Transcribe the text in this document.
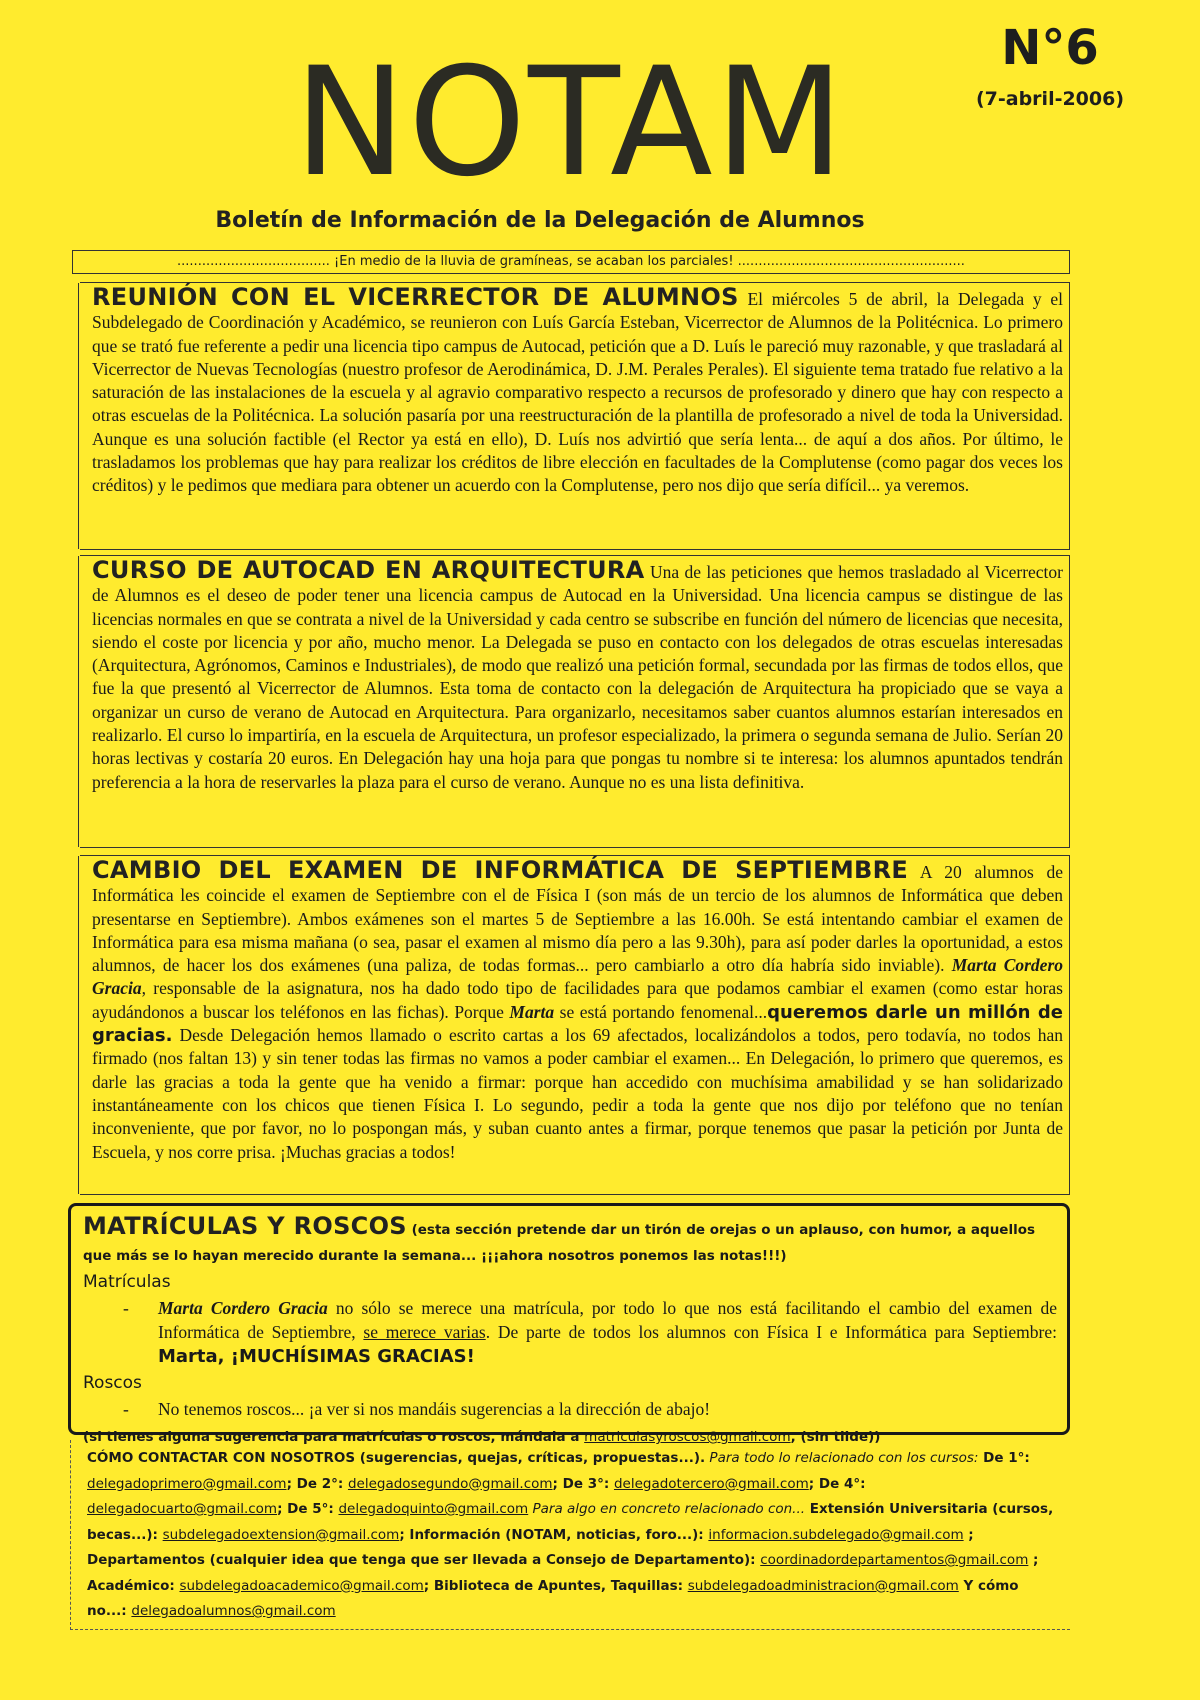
NOTAM	N°6
(7-abril-2006)
Boletín de Información de la Delegación de Alumnos
..................................... ¡En medio de la lluvia de gramíneas, se acaban los parciales! .......................................................
REUNIÓN CON EL VICERRECTOR DE ALUMNOS El miércoles 5 de abril, la Delegada y el Subdelegado de Coordinación y Académico, se reunieron con Luís García Esteban, Vicerrector de Alumnos de la Politécnica. Lo primero que se trató fue referente a pedir una licencia tipo campus de Autocad, petición que a D. Luís le pareció muy razonable, y que trasladará al Vicerrector de Nuevas Tecnologías (nuestro profesor de Aerodinámica, D. J.M. Perales Perales). El siguiente tema tratado fue relativo a la saturación de las instalaciones de la escuela y al agravio comparativo respecto a recursos de profesorado y dinero que hay con respecto a otras escuelas de la Politécnica. La solución pasaría por una reestructuración de la plantilla de profesorado a nivel de toda la Universidad. Aunque es una solución factible (el Rector ya está en ello), D. Luís nos advirtió que sería lenta... de aquí a dos años. Por último, le trasladamos los problemas que hay para realizar los créditos de libre elección en facultades de la Complutense (como pagar dos veces los créditos) y le pedimos que mediara para obtener un acuerdo con la Complutense, pero nos dijo que sería difícil... ya veremos.
CURSO DE AUTOCAD EN ARQUITECTURA Una de las peticiones que hemos trasladado al Vicerrector de Alumnos es el deseo de poder tener una licencia campus de Autocad en la Universidad. Una licencia campus se distingue de las licencias normales en que se contrata a nivel de la Universidad y cada centro se subscribe en función del número de licencias que necesita, siendo el coste por licencia y por año, mucho menor. La Delegada se puso en contacto con los delegados de otras escuelas interesadas (Arquitectura, Agrónomos, Caminos e Industriales), de modo que realizó una petición formal, secundada por las firmas de todos ellos, que fue la que presentó al Vicerrector de Alumnos. Esta toma de contacto con la delegación de Arquitectura ha propiciado que se vaya a organizar un curso de verano de Autocad en Arquitectura. Para organizarlo, necesitamos saber cuantos alumnos estarían interesados en realizarlo. El curso lo impartiría, en la escuela de Arquitectura, un profesor especializado, la primera o segunda semana de Julio. Serían 20 horas lectivas y costaría 20 euros. En Delegación hay una hoja para que pongas tu nombre si te interesa: los alumnos apuntados tendrán preferencia a la hora de reservarles la plaza para el curso de verano. Aunque no es una lista definitiva.
CAMBIO DEL EXAMEN DE INFORMÁTICA DE SEPTIEMBRE A 20 alumnos de Informática les coincide el examen de Septiembre con el de Física I (son más de un tercio de los alumnos de Informática que deben presentarse en Septiembre). Ambos exámenes son el martes 5 de Septiembre a las 16.00h. Se está intentando cambiar el examen de Informática para esa misma mañana (o sea, pasar el examen al mismo día pero a las 9.30h), para así poder darles la oportunidad, a estos alumnos, de hacer los dos exámenes (una paliza, de todas formas... pero cambiarlo a otro día habría sido inviable). Marta Cordero Gracia, responsable de la asignatura, nos ha dado todo tipo de facilidades para que podamos cambiar el examen (como estar horas ayudándonos a buscar los teléfonos en las fichas). Porque Marta se está portando fenomenal...queremos darle un millón de gracias. Desde Delegación hemos llamado o escrito cartas a los 69 afectados, localizándolos a todos, pero todavía, no todos han firmado (nos faltan 13) y sin tener todas las firmas no vamos a poder cambiar el examen... En Delegación, lo primero que queremos, es darle las gracias a toda la gente que ha venido a firmar: porque han accedido con muchísima amabilidad y se han solidarizado instantáneamente con los chicos que tienen Física I. Lo segundo, pedir a toda la gente que nos dijo por teléfono que no tenían inconveniente, que por favor, no lo pospongan más, y suban cuanto antes a firmar, porque tenemos que pasar la petición por Junta de Escuela, y nos corre prisa. ¡Muchas gracias a todos!
MATRÍCULAS Y ROSCOS (esta sección pretende dar un tirón de orejas o un aplauso, con humor, a aquellos que más se lo hayan merecido durante la semana... ¡¡¡ahora nosotros ponemos las notas!!!)
Matrículas
-	Marta Cordero Gracia no sólo se merece una matrícula, por todo lo que nos está facilitando el cambio del examen de Informática de Septiembre, se merece varias. De parte de todos los alumnos con Física I e Informática para Septiembre: Marta, ¡MUCHÍSIMAS GRACIAS!
Roscos
-	No tenemos roscos... ¡a ver si nos mandáis sugerencias a la dirección de abajo!
(si tienes alguna sugerencia para matrículas o roscos, mándala a matriculasyroscos@gmail.com, (sin tilde))
CÓMO CONTACTAR CON NOSOTROS (sugerencias, quejas, críticas, propuestas...). Para todo lo relacionado con los cursos: De 1°: delegadoprimero@gmail.com; De 2°: delegadosegundo@gmail.com; De 3°: delegadotercero@gmail.com; De 4°: delegadocuarto@gmail.com; De 5°: delegadoquinto@gmail.com Para algo en concreto relacionado con... Extensión Universitaria (cursos, becas...): subdelegadoextension@gmail.com; Información (NOTAM, noticias, foro...): informacion.subdelegado@gmail.com ; Departamentos (cualquier idea que tenga que ser llevada a Consejo de Departamento): coordinadordepartamentos@gmail.com ; Académico: subdelegadoacademico@gmail.com; Biblioteca de Apuntes, Taquillas: subdelegadoadministracion@gmail.com Y cómo no...: delegadoalumnos@gmail.com
